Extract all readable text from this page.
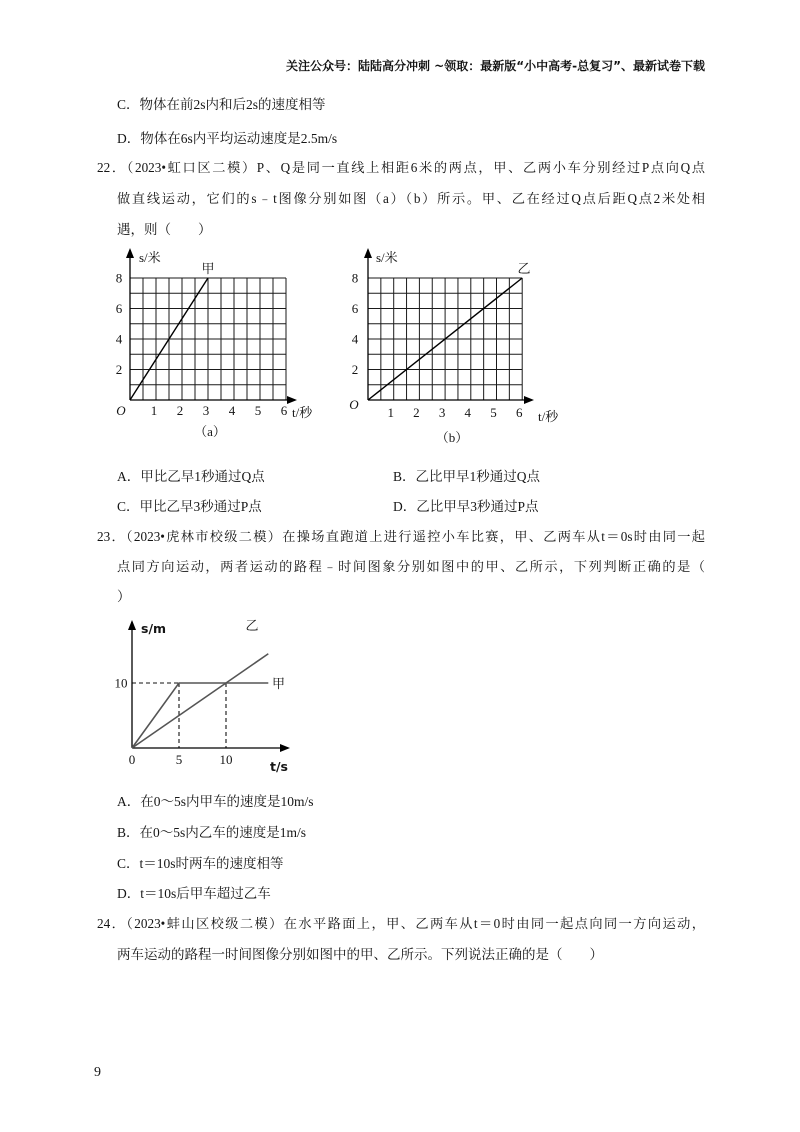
关注公众号：陆陆高分冲刺 ~领取：最新版“小中高考-总复习”、最新试卷下载
C．物体在前2s内和后2s的速度相等
D．物体在6s内平均运动速度是2.5m/s
22．（2023•虹口区二模）P、Q是同一直线上相距6米的两点，甲、乙两小车分别经过P点向Q点
做直线运动，它们的s﹣t图像分别如图（a）（b）所示。甲、乙在经过Q点后距Q点2米处相
遇，则（　　）
A．甲比乙早1秒通过Q点	B．乙比甲早1秒通过Q点
C．甲比乙早3秒通过P点	D．乙比甲早3秒通过P点
23．（2023•虎林市校级二模）在操场直跑道上进行遥控小车比赛，甲、乙两车从t＝0s时由同一起
点同方向运动，两者运动的路程﹣时间图象分别如图中的甲、乙所示，下列判断正确的是（
）
A．在0～5s内甲车的速度是10m/s
B．在0～5s内乙车的速度是1m/s
C．t＝10s时两车的速度相等
D．t＝10s后甲车超过乙车
24．（2023•蚌山区校级二模）在水平路面上，甲、乙两车从t＝0时由同一起点向同一方向运动，
两车运动的路程一时间图像分别如图中的甲、乙所示。下列说法正确的是（　　）
9
甲
1 2 3 4 5 6
8
6
4
2
O	t/秒
s/米
（a）
乙
1 2 3 4 5 6
8
6
4
2
O
t/秒
s/米
（b）
甲
乙
0	5	10
10
t/s
s/m
